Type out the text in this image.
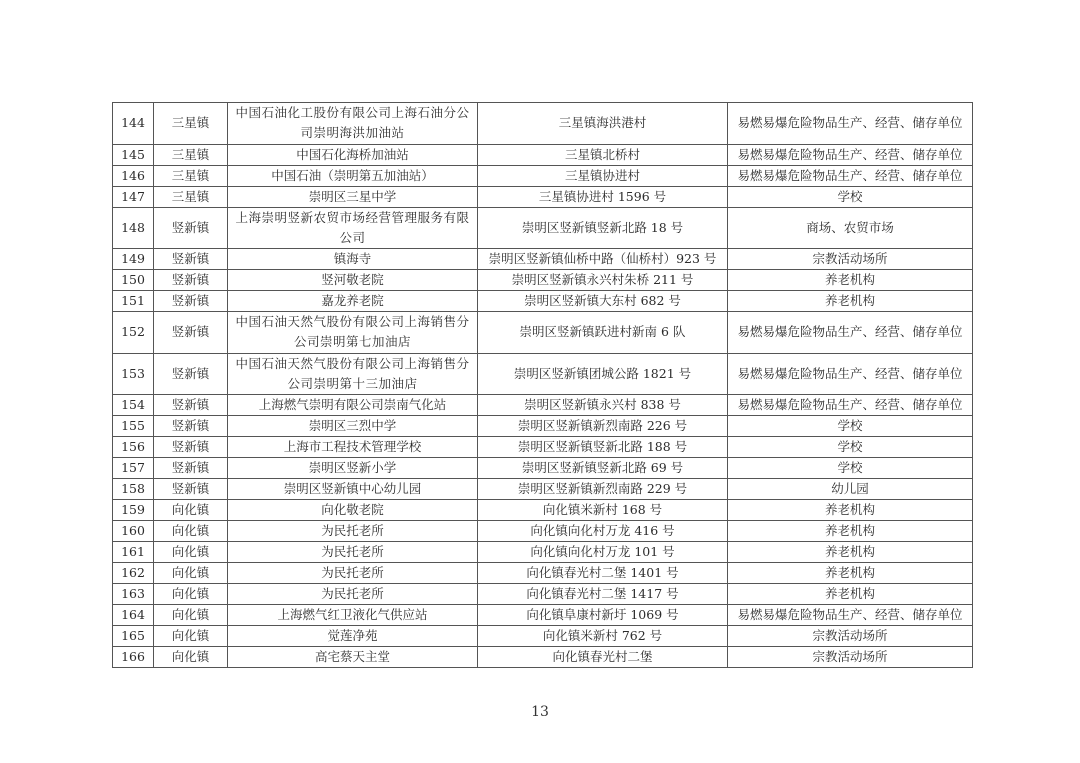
144	三星镇	中国石油化工股份有限公司上海石油分公司崇明海洪加油站	三星镇海洪港村	易燃易爆危险物品生产、经营、储存单位
145	三星镇	中国石化海桥加油站	三星镇北桥村	易燃易爆危险物品生产、经营、储存单位
146	三星镇	中国石油（崇明第五加油站）	三星镇协进村	易燃易爆危险物品生产、经营、储存单位
147	三星镇	崇明区三星中学	三星镇协进村 1596 号	学校
148	竖新镇	上海崇明竖新农贸市场经营管理服务有限公司	崇明区竖新镇竖新北路 18 号	商场、农贸市场
149	竖新镇	镇海寺	崇明区竖新镇仙桥中路（仙桥村）923 号	宗教活动场所
150	竖新镇	竖河敬老院	崇明区竖新镇永兴村朱桥 211 号	养老机构
151	竖新镇	嘉龙养老院	崇明区竖新镇大东村 682 号	养老机构
152	竖新镇	中国石油天然气股份有限公司上海销售分公司崇明第七加油店	崇明区竖新镇跃进村新南 6 队	易燃易爆危险物品生产、经营、储存单位
153	竖新镇	中国石油天然气股份有限公司上海销售分公司崇明第十三加油店	崇明区竖新镇团城公路 1821 号	易燃易爆危险物品生产、经营、储存单位
154	竖新镇	上海燃气崇明有限公司崇南气化站	崇明区竖新镇永兴村 838 号	易燃易爆危险物品生产、经营、储存单位
155	竖新镇	崇明区三烈中学	崇明区竖新镇新烈南路 226 号	学校
156	竖新镇	上海市工程技术管理学校	崇明区竖新镇竖新北路 188 号	学校
157	竖新镇	崇明区竖新小学	崇明区竖新镇竖新北路 69 号	学校
158	竖新镇	崇明区竖新镇中心幼儿园	崇明区竖新镇新烈南路 229 号	幼儿园
159	向化镇	向化敬老院	向化镇米新村 168 号	养老机构
160	向化镇	为民托老所	向化镇向化村万龙 416 号	养老机构
161	向化镇	为民托老所	向化镇向化村万龙 101 号	养老机构
162	向化镇	为民托老所	向化镇春光村二堡 1401 号	养老机构
163	向化镇	为民托老所	向化镇春光村二堡 1417 号	养老机构
164	向化镇	上海燃气红卫液化气供应站	向化镇阜康村新圩 1069 号	易燃易爆危险物品生产、经营、储存单位
165	向化镇	觉莲净苑	向化镇米新村 762 号	宗教活动场所
166	向化镇	高宅蔡天主堂	向化镇春光村二堡	宗教活动场所
13
